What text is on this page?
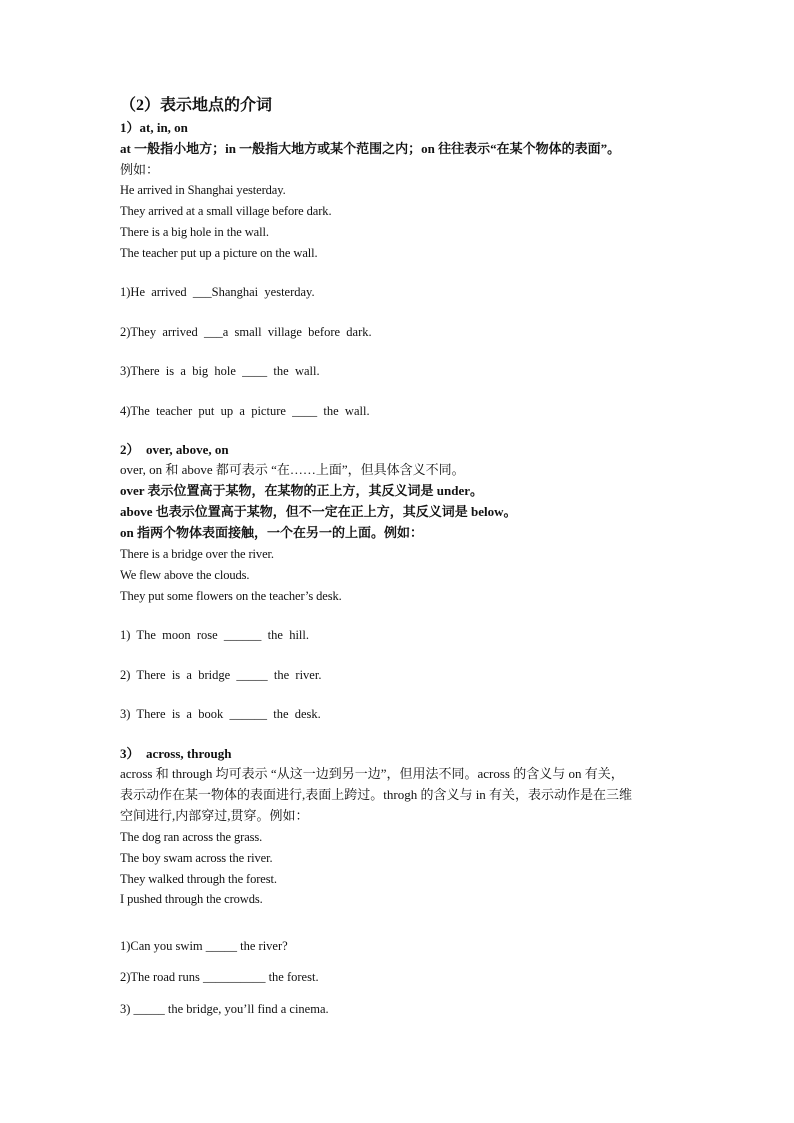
（2）表示地点的介词
1）at, in, on
at 一般指小地方；in 一般指大地方或某个范围之内；on 往往表示“在某个物体的表面”。
例如：
He arrived in Shanghai yesterday.
They arrived at a small village before dark.
There is a big hole in the wall.
The teacher put up a picture on the wall.
1)He  arrived  ___Shanghai  yesterday.
2)They  arrived  ___a  small  village  before  dark.
3)There  is  a  big  hole  ____  the  wall.
4)The  teacher  put  up  a  picture  ____  the  wall.
2）  over, above, on
over, on 和 above 都可表示 “在……上面”，但具体含义不同。
over 表示位置高于某物，在某物的正上方，其反义词是 under。
above 也表示位置高于某物，但不一定在正上方，其反义词是 below。
on 指两个物体表面接触，一个在另一的上面。例如：
There is a bridge over the river.
We flew above the clouds.
They put some flowers on the teacher’s desk.
1)  The  moon  rose  ______  the  hill.
2)  There  is  a  bridge  _____  the  river.
3)  There  is  a  book  ______  the  desk.
3）  across, through
across 和 through 均可表示 “从这一边到另一边”，但用法不同。across 的含义与 on 有关，
表示动作在某一物体的表面进行,表面上跨过。throgh 的含义与 in 有关，表示动作是在三维
空间进行,内部穿过,贯穿。例如：
The dog ran across the grass.
The boy swam across the river.
They walked through the forest.
I pushed through the crowds.
1)Can you swim _____ the river?
2)The road runs __________ the forest.
3) _____ the bridge, you’ll find a cinema.
